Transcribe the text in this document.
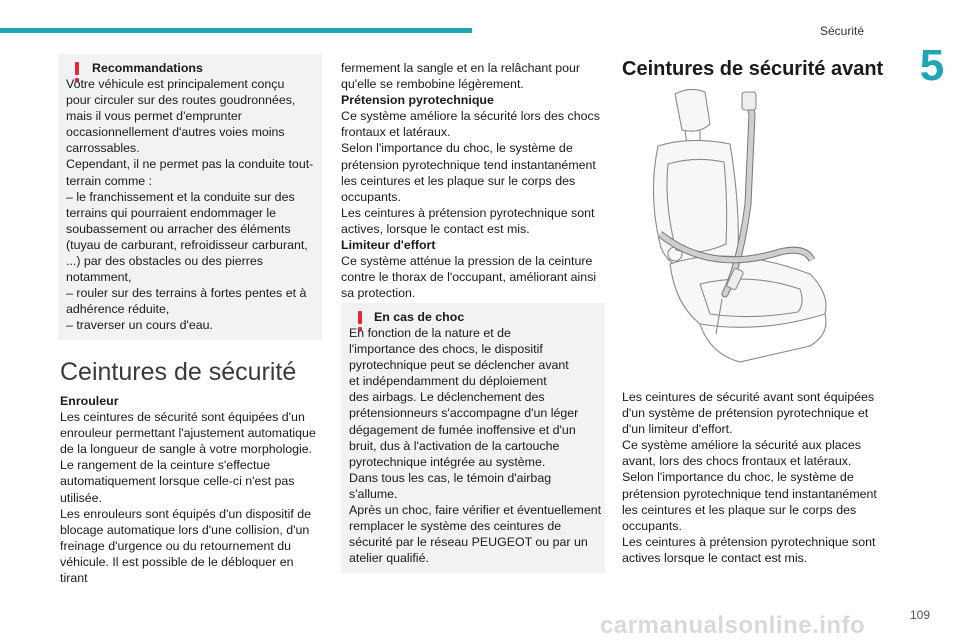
Sécurité
5

Recommandations

Votre véhicule est principalement conçu

pour circuler sur des routes goudronnées,

mais il vous permet d'emprunter

occasionnellement d'autres voies moins

carrossables.

Cependant, il ne permet pas la conduite tout-

terrain comme :

– le franchissement et la conduite sur des

terrains qui pourraient endommager le

soubassement ou arracher des éléments

(tuyau de carburant, refroidisseur carburant,

...) par des obstacles ou des pierres

notamment,

– rouler sur des terrains à fortes pentes et à

adhérence réduite,

– traverser un cours d'eau.

Ceintures de sécurité

Enrouleur

Les ceintures de sécurité sont équipées d'un

enrouleur permettant l'ajustement automatique

de la longueur de sangle à votre morphologie.

Le rangement de la ceinture s'effectue

automatiquement lorsque celle-ci n'est pas

utilisée.

Les enrouleurs sont équipés d'un dispositif de

blocage automatique lors d'une collision, d'un

freinage d'urgence ou du retournement du

véhicule. Il est possible de le débloquer en tirant

fermement la sangle et en la relâchant pour

qu'elle se rembobine légèrement.

Prétension pyrotechnique

Ce système améliore la sécurité lors des chocs

frontaux et latéraux.

Selon l'importance du choc, le système de

prétension pyrotechnique tend instantanément

les ceintures et les plaque sur le corps des

occupants.

Les ceintures à prétension pyrotechnique sont

actives, lorsque le contact est mis.

Limiteur d'effort

Ce système atténue la pression de la ceinture

contre le thorax de l'occupant, améliorant ainsi

sa protection.

En cas de choc

En fonction de la nature et de

l'importance des chocs, le dispositif

pyrotechnique peut se déclencher avant

et indépendamment du déploiement

des airbags. Le déclenchement des

prétensionneurs s'accompagne d'un léger

dégagement de fumée inoffensive et d'un

bruit, dus à l'activation de la cartouche

pyrotechnique intégrée au système.

Dans tous les cas, le témoin d'airbag

s'allume.

Après un choc, faire vérifier et éventuellement

remplacer le système des ceintures de

sécurité par le réseau PEUGEOT ou par un

atelier qualifié.

Ceintures de sécurité avant

Les ceintures de sécurité avant sont équipées

d'un système de prétension pyrotechnique et

d'un limiteur d'effort.

Ce système améliore la sécurité aux places

avant, lors des chocs frontaux et latéraux.

Selon l'importance du choc, le système de

prétension pyrotechnique tend instantanément

les ceintures et les plaque sur le corps des

occupants.

Les ceintures à prétension pyrotechnique sont

actives lorsque le contact est mis.

carmanualsonline.info	109
